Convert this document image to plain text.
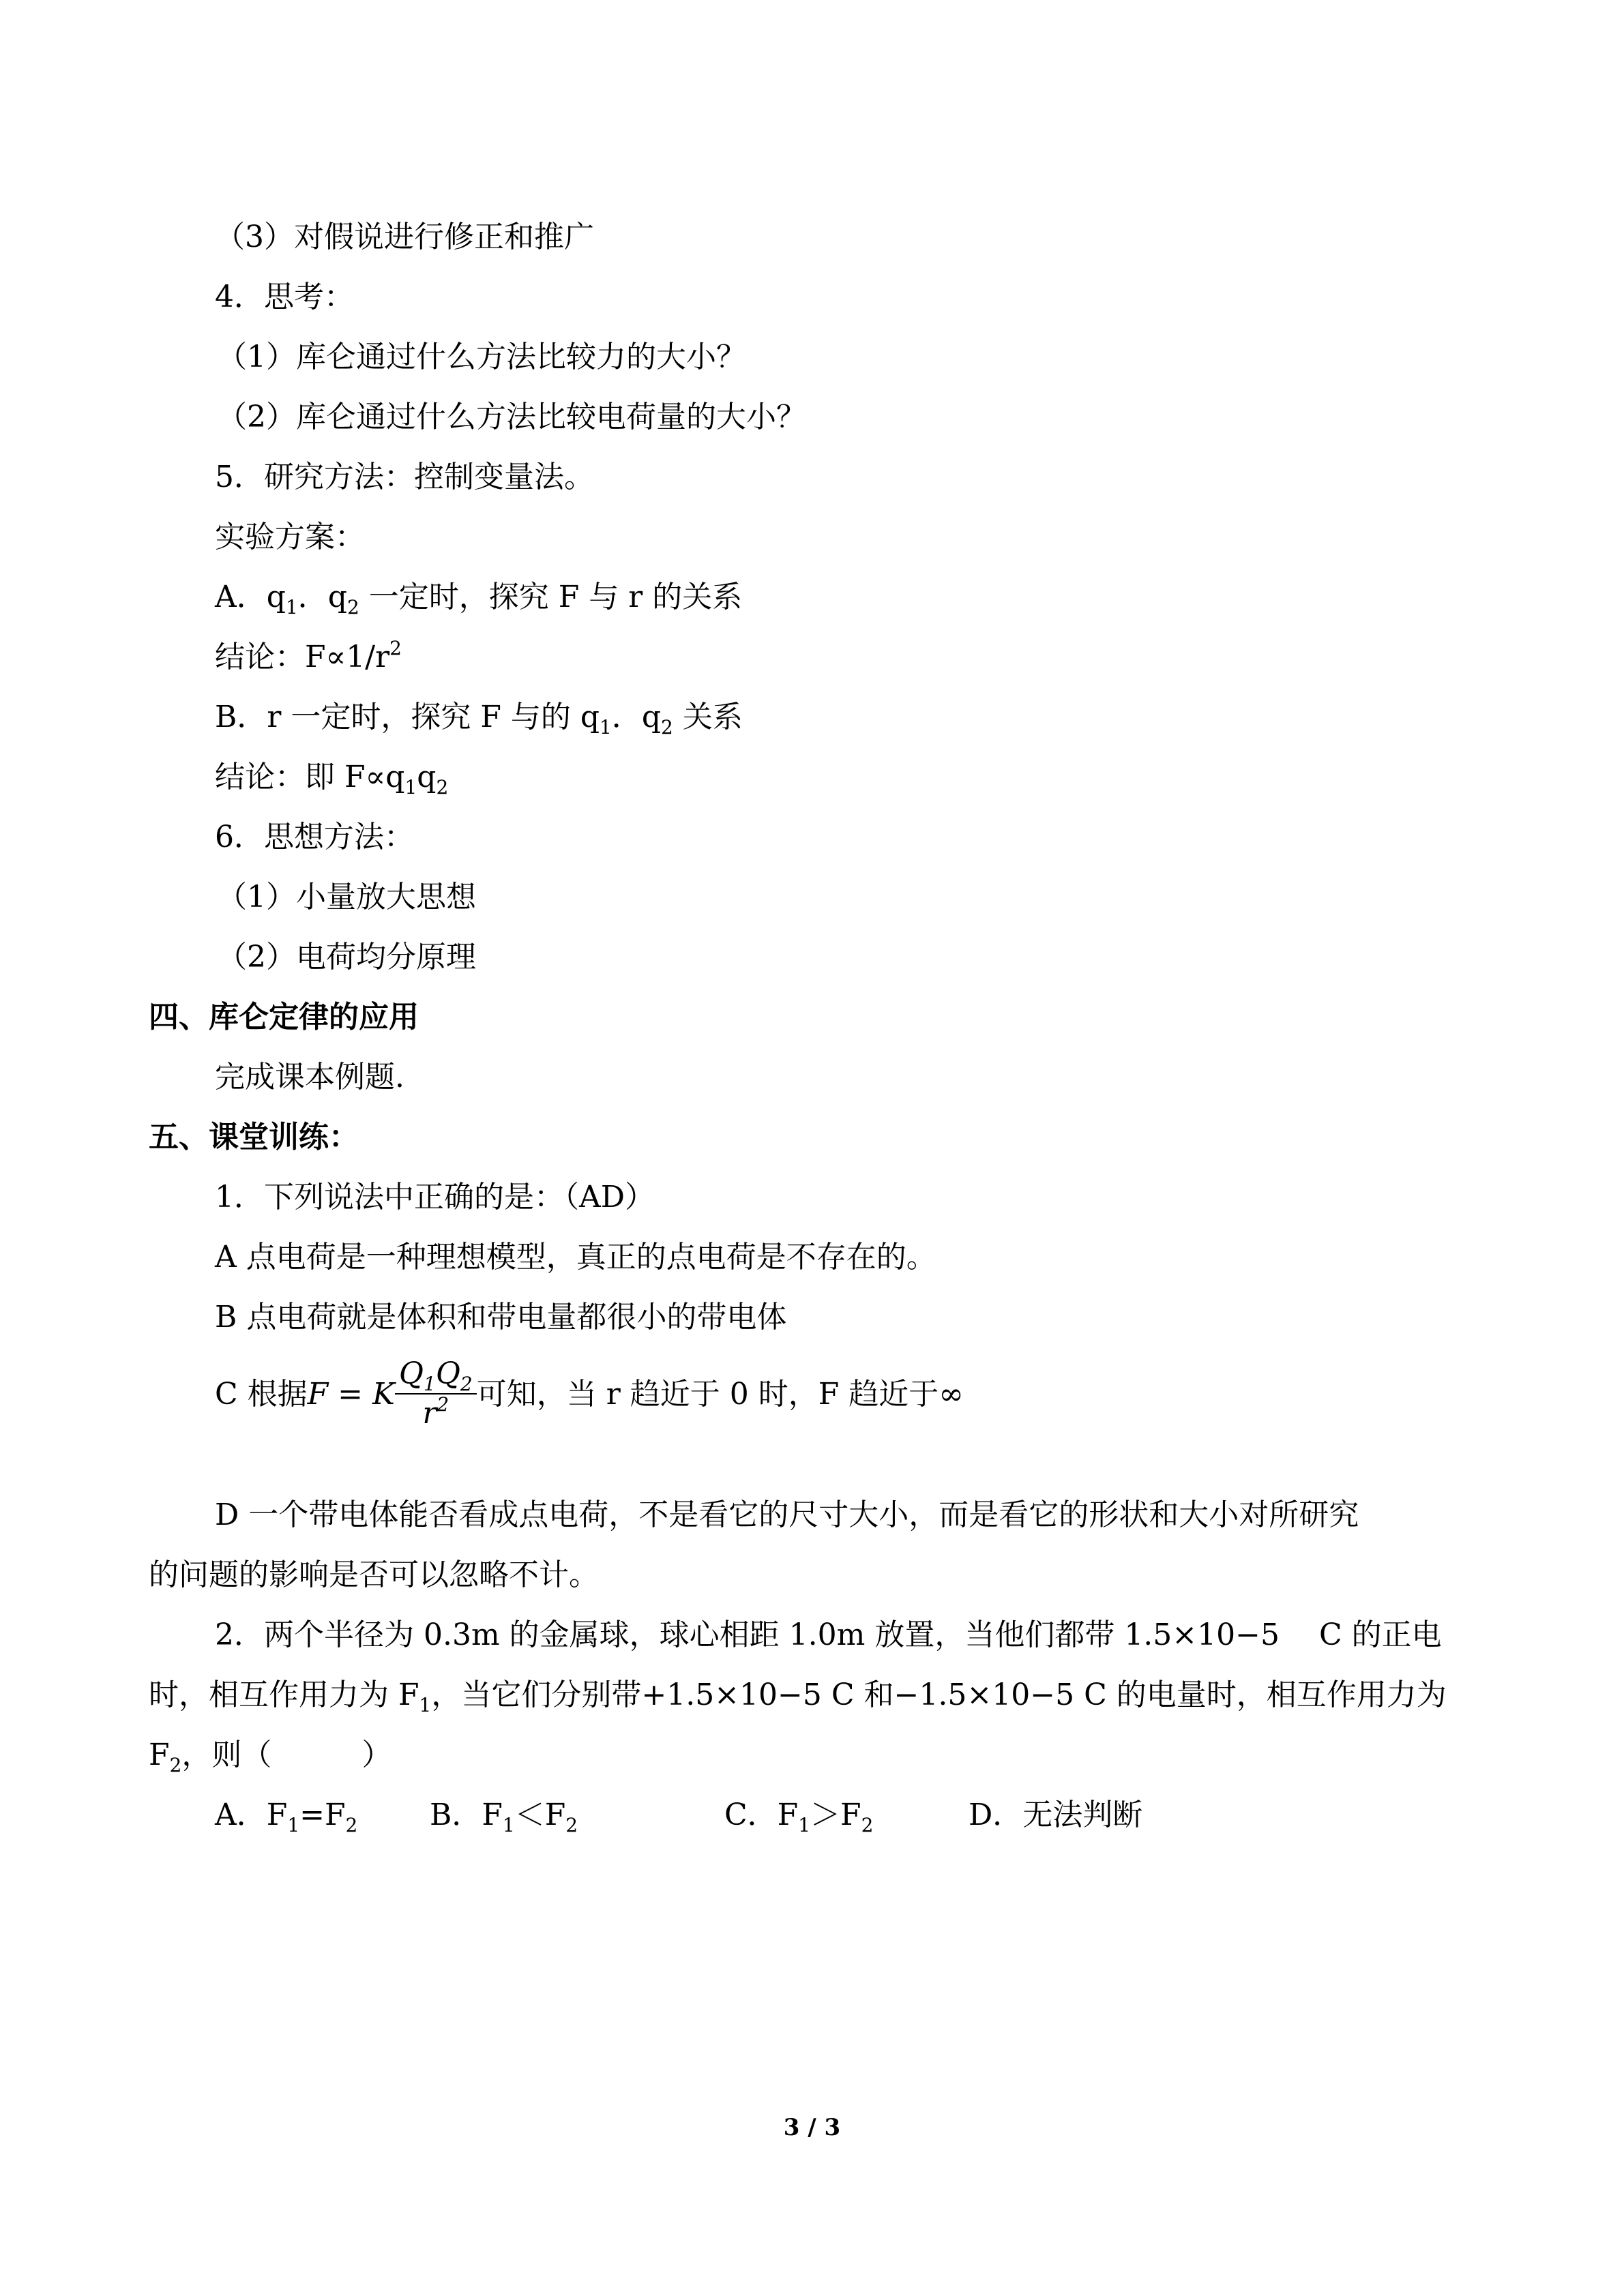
（3）对假说进行修正和推广
4．思考：
（1）库仑通过什么方法比较力的大小？
（2）库仑通过什么方法比较电荷量的大小？
5．研究方法：控制变量法。
实验方案：
A．$q_1$．$q_2$ 一定时，探究 F 与 r 的关系
结论：$F\propto 1/r^2$
B．r 一定时，探究 F 与的 $q_1$．$q_2$ 关系
结论：即 $F\propto q_1q_2$
6．思想方法：
（1）小量放大思想
（2）电荷均分原理
四、库仑定律的应用
完成课本例题.
五、课堂训练：
1．下列说法中正确的是：（AD）
A 点电荷是一种理想模型，真正的点电荷是不存在的。
B 点电荷就是体积和带电量都很小的带电体
C 根据F = K $\frac{Q_1Q_2}{r^2}$ 可知，当 r 趋近于 0 时，F 趋近于∞
D 一个带电体能否看成点电荷，不是看它的尺寸大小，而是看它的形状和大小对所研究
的问题的影响是否可以忽略不计。
2．两个半径为 0.3m 的金属球，球心相距 1.0m 放置，当他们都带 1.5×10−5　 C 的正电
时，相互作用力为 $F_1$，当它们分别带+1.5×10−5 C 和−1.5×10−5 C 的电量时，相互作用力为
$F_2$，则（　　　）
A．$F_1=F_2$ B．$F_1<F_2$	C．$F_1>F_2$	D．无法判断
3 / 3
